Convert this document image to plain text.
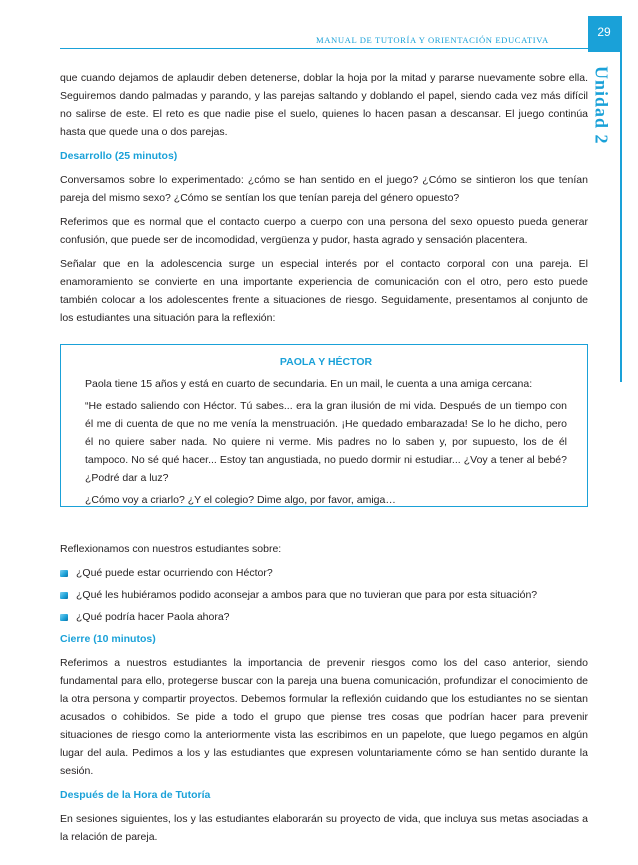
MANUAL DE TUTORÍA Y ORIENTACIÓN EDUCATIVA
29
Unidad 2

que cuando dejamos de aplaudir deben detenerse, doblar la hoja por la mitad y pararse nuevamente sobre ella. Seguiremos dando palmadas y parando, y las parejas saltando y doblando el papel, siendo cada vez más difícil no salirse de este. El reto es que nadie pise el suelo, quienes lo hacen pasan a descansar. El juego continúa hasta que quede una o dos parejas.

Desarrollo (25 minutos)

Conversamos sobre lo experimentado: ¿cómo se han sentido en el juego? ¿Cómo se sintieron los que tenían pareja del mismo sexo? ¿Cómo se sentían los que tenían pareja del género opuesto?

Referimos que es normal que el contacto cuerpo a cuerpo con una persona del sexo opuesto pueda generar confusión, que puede ser de incomodidad, vergüenza y pudor, hasta agrado y sensación placentera.

Señalar que en la adolescencia surge un especial interés por el contacto corporal con una pareja. El enamoramiento se convierte en una importante experiencia de comunicación con el otro, pero esto puede también colocar a los adolescentes frente a situaciones de riesgo. Seguidamente, presentamos al conjunto de los estudiantes una situación para la reflexión:

PAOLA Y HÉCTOR

Paola tiene 15 años y está en cuarto de secundaria. En un mail, le cuenta a una amiga cercana:

“He estado saliendo con Héctor. Tú sabes... era la gran ilusión de mi vida. Después de un tiempo con él me di cuenta de que no me venía la menstruación. ¡He quedado embarazada! Se lo he dicho, pero él no quiere saber nada. No quiere ni verme. Mis padres no lo saben y, por supuesto, los de él tampoco. No sé qué hacer... Estoy tan angustiada, no puedo dormir ni estudiar... ¿Voy a tener al bebé? ¿Podré dar a luz?

¿Cómo voy a criarlo? ¿Y el colegio? Dime algo, por favor, amiga…

Reflexionamos con nuestros estudiantes sobre:

¿Qué puede estar ocurriendo con Héctor?
¿Qué les hubiéramos podido aconsejar a ambos para que no tuvieran que para por esta situación?
¿Qué podría hacer Paola ahora?
Cierre (10 minutos)

Referimos a nuestros estudiantes la importancia de prevenir riesgos como los del caso anterior, siendo fundamental para ello, protegerse buscar con la pareja una buena comunicación, profundizar el conocimiento de la otra persona y compartir proyectos. Debemos formular la reflexión cuidando que los estudiantes no se sientan acusados o cohibidos. Se pide a todo el grupo que piense tres cosas que podrían hacer para prevenir situaciones de riesgo como la anteriormente vista las escribimos en un papelote, que luego pegamos en algún lugar del aula. Pedimos a los y las estudiantes que expresen voluntariamente cómo se han sentido durante la sesión.

Después de la Hora de Tutoría

En sesiones siguientes, los y las estudiantes elaborarán su proyecto de vida, que incluya sus metas asociadas a la relación de pareja.
